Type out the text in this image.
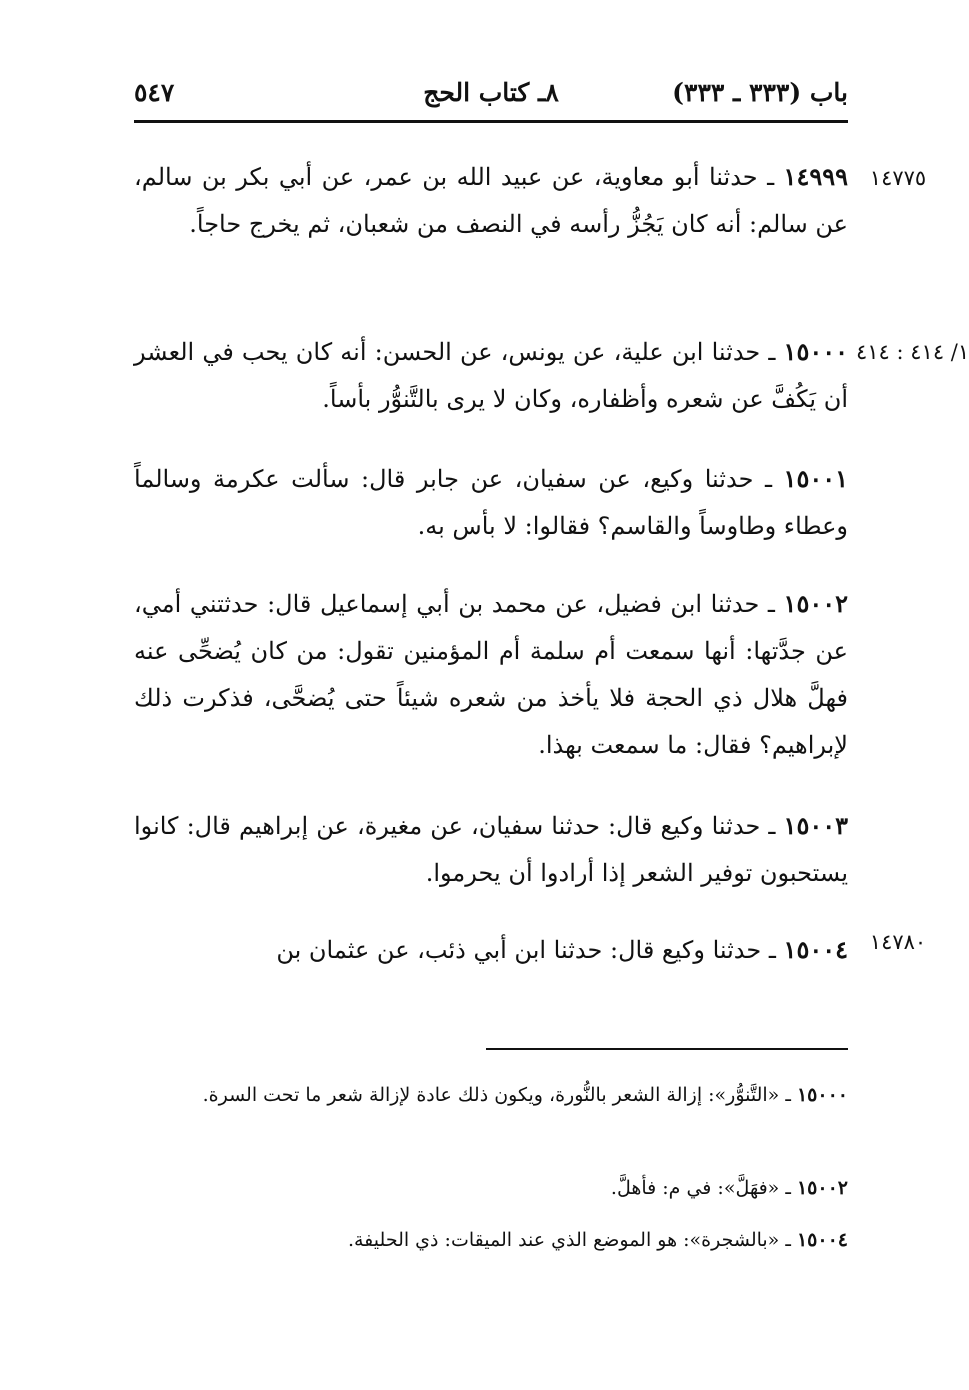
باب (٣٣٣ ـ ٣٣٣)
٨ـ كتاب الحج
٥٤٧
١٤٧٧٥
١/ ٤١٤ : ٤١٤
١٤٧٨٠

١٤٩٩٩ ـ حدثنا أبو معاوية، عن عبيد الله بن عمر، عن أبي بكر بن سالم، عن سالم: أنه كان يَجُزُّ رأسه في النصف من شعبان، ثم يخرج حاجاً.

١٥٠٠٠ ـ حدثنا ابن علية، عن يونس، عن الحسن: أنه كان يحب في العشر أن يَكُفَّ عن شعره وأظفاره، وكان لا يرى بالتَّنوُّر بأساً.

١٥٠٠١ ـ حدثنا وكيع، عن سفيان، عن جابر قال: سألت عكرمة وسالماً وعطاء وطاوساً والقاسم؟ فقالوا: لا بأس به.

١٥٠٠٢ ـ حدثنا ابن فضيل، عن محمد بن أبي إسماعيل قال: حدثتني أمي، عن جدَّتها: أنها سمعت أم سلمة أم المؤمنين تقول: من كان يُضحِّى عنه فهلَّ هلال ذي الحجة فلا يأخذ من شعره شيئاً حتى يُضحَّى، فذكرت ذلك لإبراهيم؟ فقال: ما سمعت بهذا.

١٥٠٠٣ ـ حدثنا وكيع قال: حدثنا سفيان، عن مغيرة، عن إبراهيم قال: كانوا يستحبون توفير الشعر إذا أرادوا أن يحرموا.

١٥٠٠٤ ـ حدثنا وكيع قال: حدثنا ابن أبي ذئب، عن عثمان بن

١٥٠٠٠ ـ «التَّنوُّر»: إزالة الشعر بالنُّورة، ويكون ذلك عادة لإزالة شعر ما تحت السرة.

١٥٠٠٢ ـ «فهَلَّ»: في م: فأهلَّ.

١٥٠٠٤ ـ «بالشجرة»: هو الموضع الذي عند الميقات: ذي الحليفة.
